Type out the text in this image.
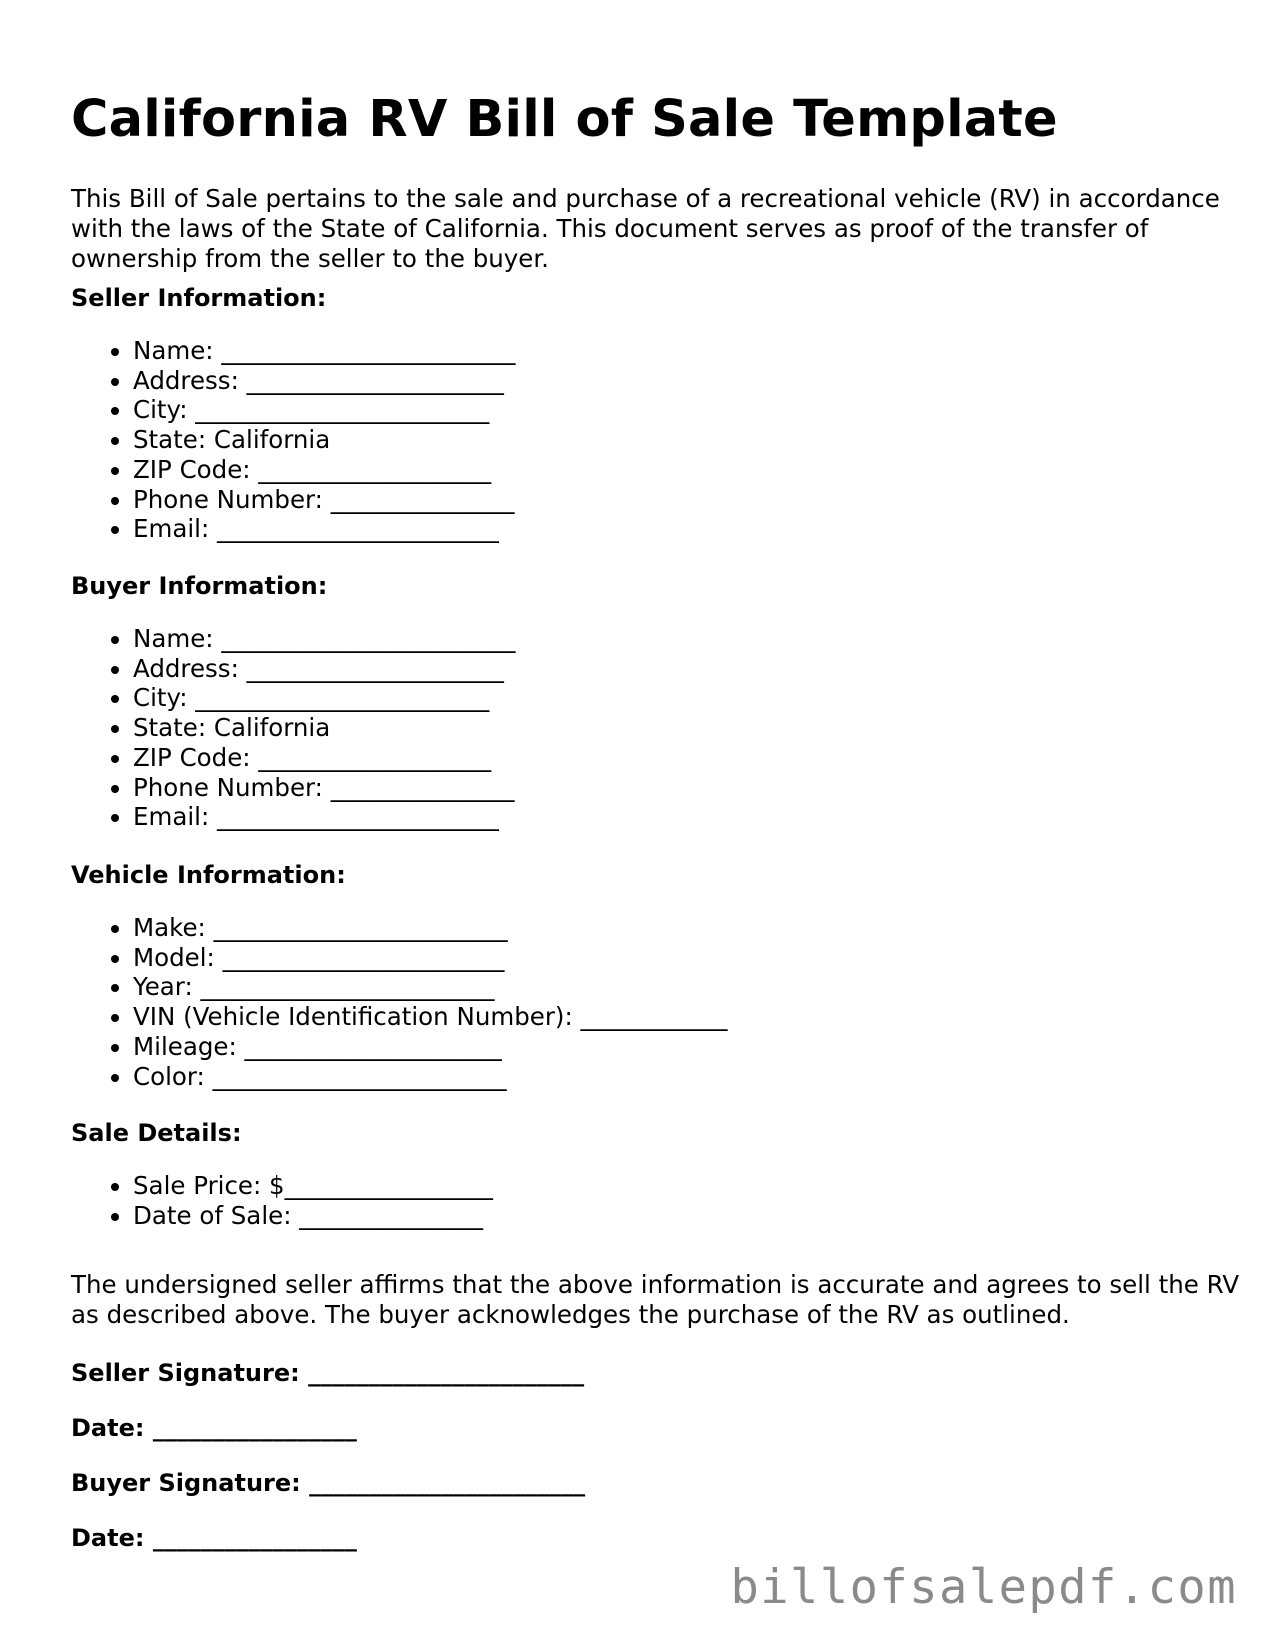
California RV Bill of Sale Template

This Bill of Sale pertains to the sale and purchase of a recreational vehicle (RV) in accordance with the laws of the State of California. This document serves as proof of the transfer of ownership from the seller to the buyer.

Seller Information:

• Name: ________________________
• Address: _____________________
• City: ________________________
• State: California
• ZIP Code: ___________________
• Phone Number: _______________
• Email: _______________________

Buyer Information:

• Name: ________________________
• Address: _____________________
• City: ________________________
• State: California
• ZIP Code: ___________________
• Phone Number: _______________
• Email: _______________________

Vehicle Information:

• Make: ________________________
• Model: _______________________
• Year: ________________________
• VIN (Vehicle Identification Number): ____________
• Mileage: _____________________
• Color: ________________________

Sale Details:

• Sale Price: $_________________
• Date of Sale: _______________

The undersigned seller affirms that the above information is accurate and agrees to sell the RV as described above. The buyer acknowledges the purchase of the RV as outlined.

Seller Signature: _______________________

Date: _________________

Buyer Signature: _______________________

Date: _________________

billofsalepdf.com
